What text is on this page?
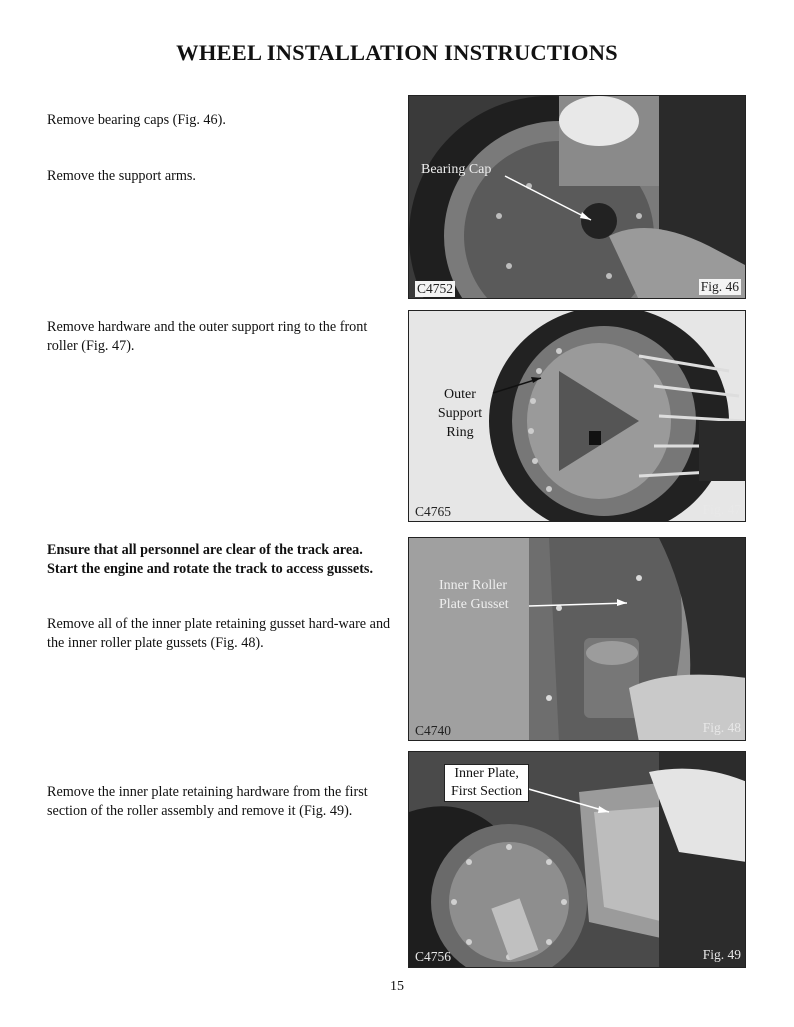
WHEEL INSTALLATION INSTRUCTIONS
Remove bearing caps (Fig. 46).
Remove the support arms.
Remove hardware and the outer support ring to the front roller (Fig. 47).
Ensure that all personnel are clear of the track area. Start the engine and rotate the track to access gussets.
Remove all of the inner plate retaining gusset hard-ware and the inner roller plate gussets (Fig. 48).
Remove the inner plate retaining hardware from the first section of the roller assembly and remove it (Fig. 49).
Bearing Cap
C4752	Fig. 46
Outer
Support
Ring
C4765	Fig. 47
Inner Roller
Plate Gusset
C4740	Fig. 48
Inner Plate,
First Section
C4756	Fig. 49
15
